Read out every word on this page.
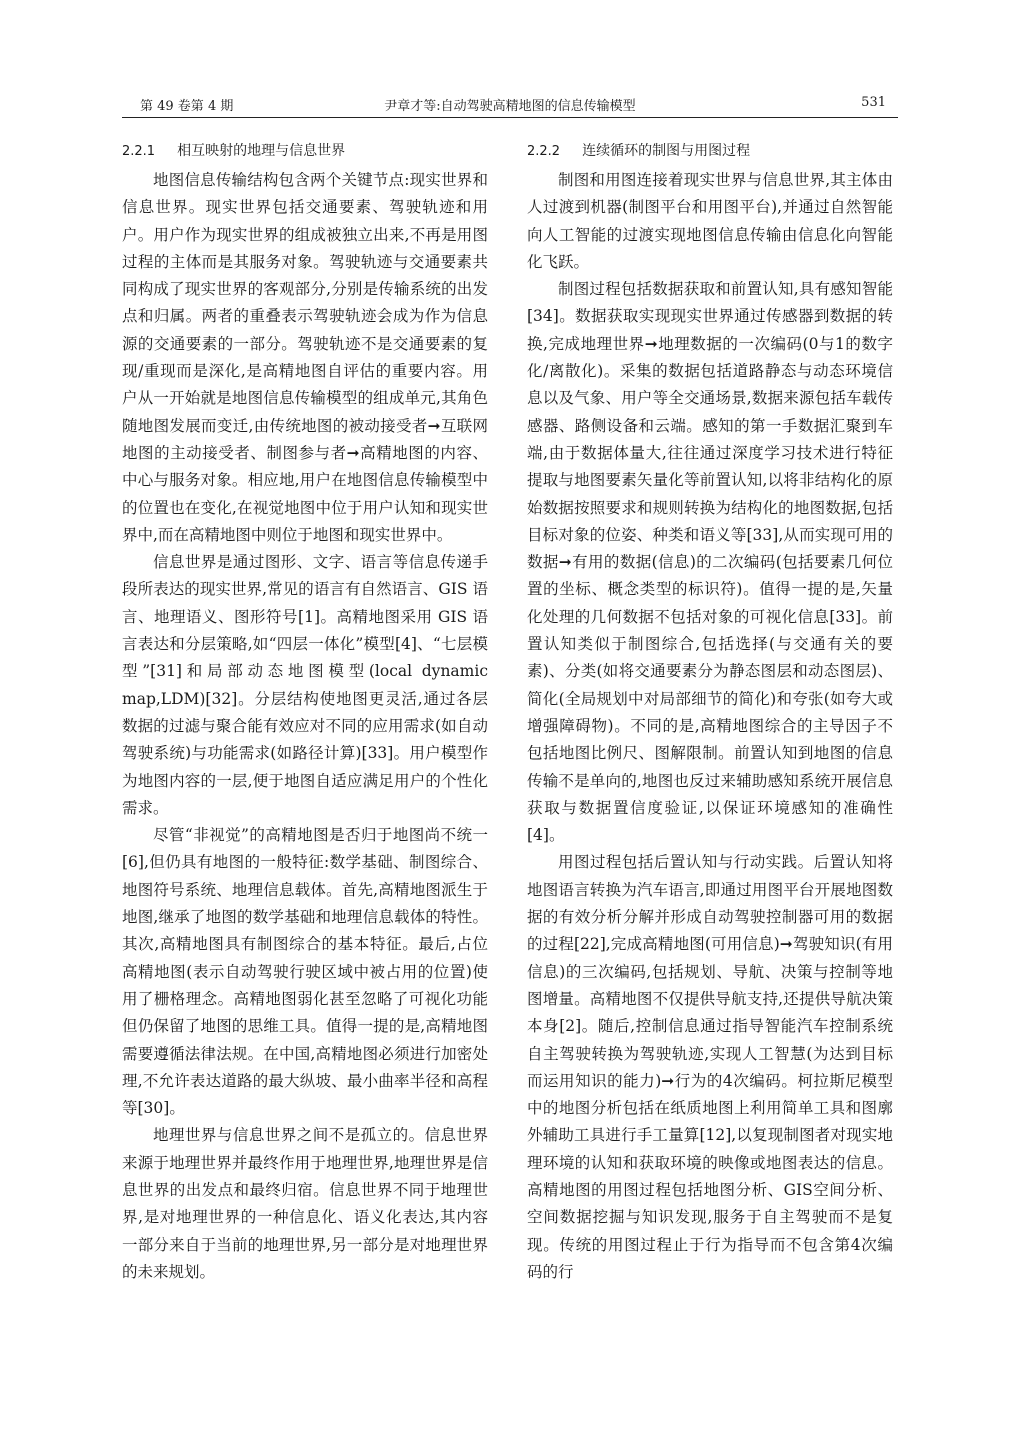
第 49 卷第 4 期	尹章才等:自动驾驶高精地图的信息传输模型	531
2.2.1 相互映射的地理与信息世界

地图信息传输结构包含两个关键节点:现实世界和信息世界。现实世界包括交通要素、驾驶轨迹和用户。用户作为现实世界的组成被独立出来,不再是用图过程的主体而是其服务对象。驾驶轨迹与交通要素共同构成了现实世界的客观部分,分别是传输系统的出发点和归属。两者的重叠表示驾驶轨迹会成为作为信息源的交通要素的一部分。驾驶轨迹不是交通要素的复现/重现而是深化,是高精地图自评估的重要内容。用户从一开始就是地图信息传输模型的组成单元,其角色随地图发展而变迁,由传统地图的被动接受者➞互联网地图的主动接受者、制图参与者➞高精地图的内容、中心与服务对象。相应地,用户在地图信息传输模型中的位置也在变化,在视觉地图中位于用户认知和现实世界中,而在高精地图中则位于地图和现实世界中。

信息世界是通过图形、文字、语言等信息传递手段所表达的现实世界,常见的语言有自然语言、GIS 语言、地理语义、图形符号[1]。高精地图采用 GIS 语言表达和分层策略,如“四层一体化”模型[4]、“七层模型”[31]和局部动态地图模型(local dynamic map,LDM)[32]。分层结构使地图更灵活,通过各层数据的过滤与聚合能有效应对不同的应用需求(如自动驾驶系统)与功能需求(如路径计算)[33]。用户模型作为地图内容的一层,便于地图自适应满足用户的个性化需求。

尽管“非视觉”的高精地图是否归于地图尚不统一[6],但仍具有地图的一般特征:数学基础、制图综合、地图符号系统、地理信息载体。首先,高精地图派生于地图,继承了地图的数学基础和地理信息载体的特性。其次,高精地图具有制图综合的基本特征。最后,占位高精地图(表示自动驾驶行驶区域中被占用的位置)使用了栅格理念。高精地图弱化甚至忽略了可视化功能但仍保留了地图的思维工具。值得一提的是,高精地图需要遵循法律法规。在中国,高精地图必须进行加密处理,不允许表达道路的最大纵坡、最小曲率半径和高程等[30]。

地理世界与信息世界之间不是孤立的。信息世界来源于地理世界并最终作用于地理世界,地理世界是信息世界的出发点和最终归宿。信息世界不同于地理世界,是对地理世界的一种信息化、语义化表达,其内容一部分来自于当前的地理世界,另一部分是对地理世界的未来规划。

2.2.2 连续循环的制图与用图过程

制图和用图连接着现实世界与信息世界,其主体由人过渡到机器(制图平台和用图平台),并通过自然智能向人工智能的过渡实现地图信息传输由信息化向智能化飞跃。

制图过程包括数据获取和前置认知,具有感知智能[34]。数据获取实现现实世界通过传感器到数据的转换,完成地理世界➞地理数据的一次编码(0与1的数字化/离散化)。采集的数据包括道路静态与动态环境信息以及气象、用户等全交通场景,数据来源包括车载传感器、路侧设备和云端。感知的第一手数据汇聚到车端,由于数据体量大,往往通过深度学习技术进行特征提取与地图要素矢量化等前置认知,以将非结构化的原始数据按照要求和规则转换为结构化的地图数据,包括目标对象的位姿、种类和语义等[33],从而实现可用的数据➞有用的数据(信息)的二次编码(包括要素几何位置的坐标、概念类型的标识符)。值得一提的是,矢量化处理的几何数据不包括对象的可视化信息[33]。前置认知类似于制图综合,包括选择(与交通有关的要素)、分类(如将交通要素分为静态图层和动态图层)、简化(全局规划中对局部细节的简化)和夸张(如夸大或增强障碍物)。不同的是,高精地图综合的主导因子不包括地图比例尺、图解限制。前置认知到地图的信息传输不是单向的,地图也反过来辅助感知系统开展信息获取与数据置信度验证,以保证环境感知的准确性[4]。

用图过程包括后置认知与行动实践。后置认知将地图语言转换为汽车语言,即通过用图平台开展地图数据的有效分析分解并形成自动驾驶控制器可用的数据的过程[22],完成高精地图(可用信息)➞驾驶知识(有用信息)的三次编码,包括规划、导航、决策与控制等地图增量。高精地图不仅提供导航支持,还提供导航决策本身[2]。随后,控制信息通过指导智能汽车控制系统自主驾驶转换为驾驶轨迹,实现人工智慧(为达到目标而运用知识的能力)➞行为的4次编码。柯拉斯尼模型中的地图分析包括在纸质地图上利用简单工具和图廓外辅助工具进行手工量算[12],以复现制图者对现实地理环境的认知和获取环境的映像或地图表达的信息。高精地图的用图过程包括地图分析、GIS空间分析、空间数据挖掘与知识发现,服务于自主驾驶而不是复现。传统的用图过程止于行为指导而不包含第4次编码的行
